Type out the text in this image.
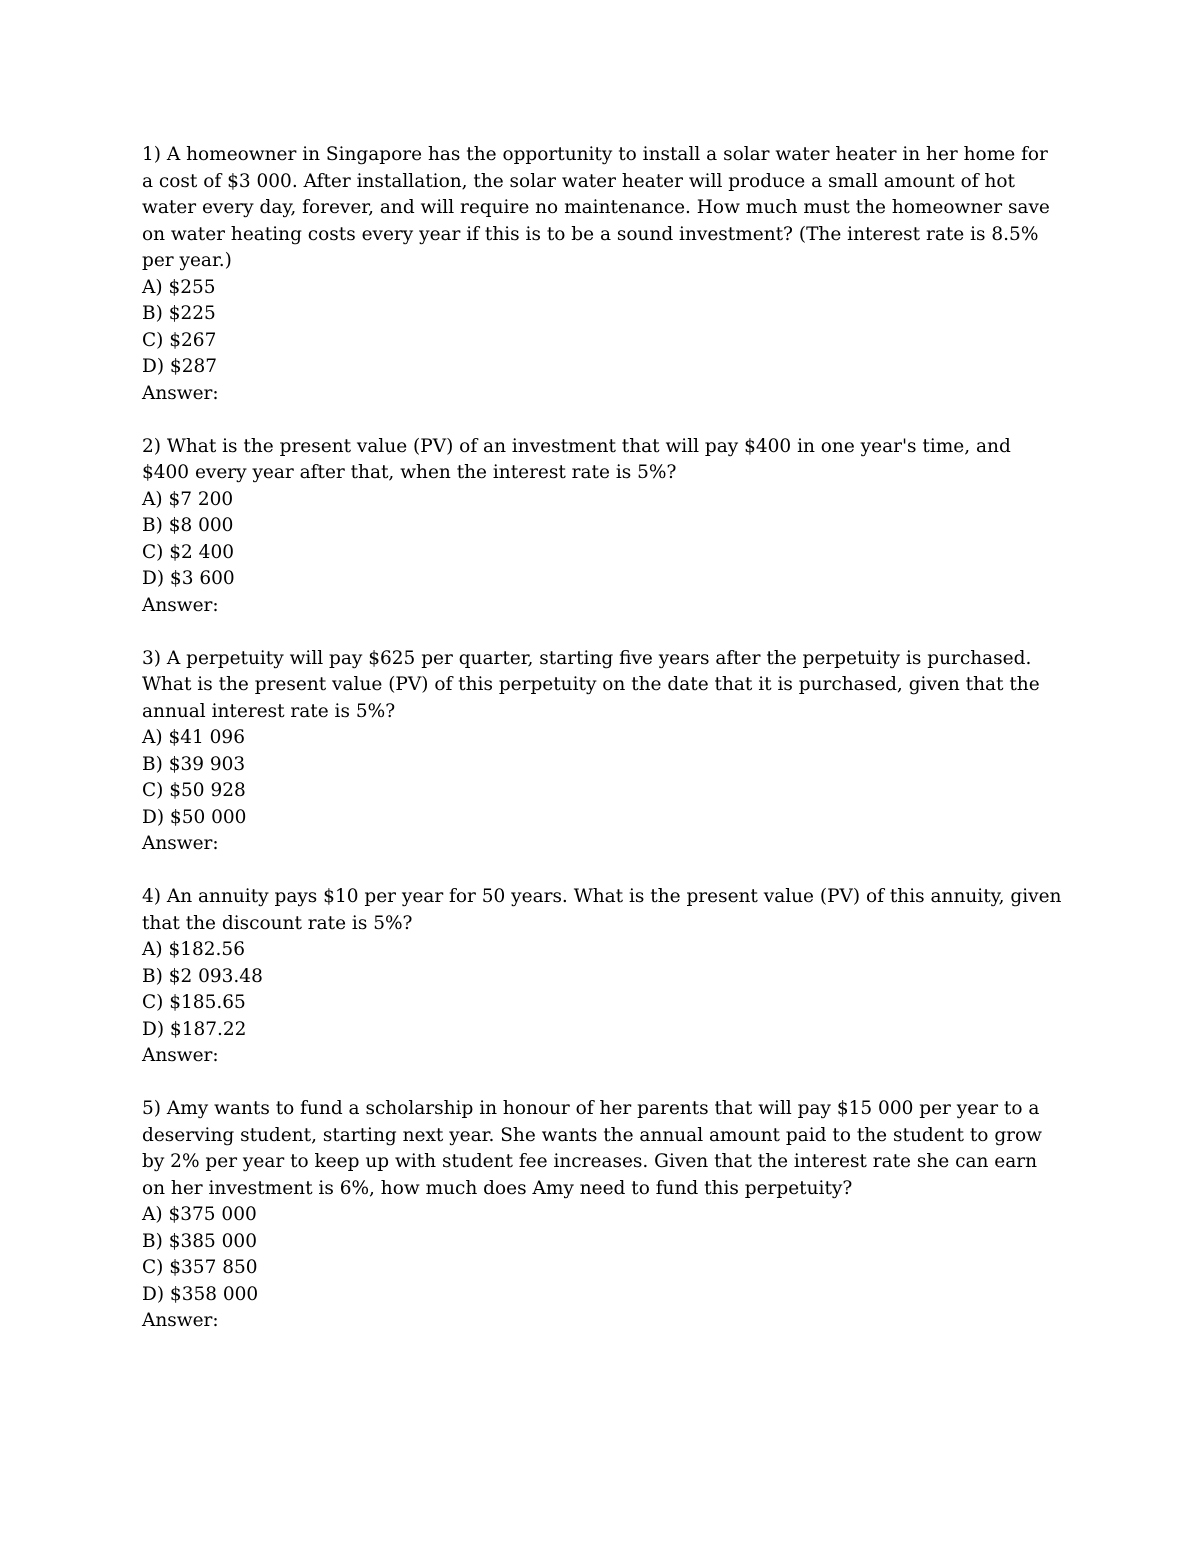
1) A homeowner in Singapore has the opportunity to install a solar water heater in her home for a cost of $3 000. After installation, the solar water heater will produce a small amount of hot water every day, forever, and will require no maintenance. How much must the homeowner save on water heating costs every year if this is to be a sound investment? (The interest rate is 8.5% per year.)

A) $255
B) $225
C) $267
D) $287

Answer:

2) What is the present value (PV) of an investment that will pay $400 in one year's time, and $400 every year after that, when the interest rate is 5%?

A) $7 200
B) $8 000
C) $2 400
D) $3 600

Answer:

3) A perpetuity will pay $625 per quarter, starting five years after the perpetuity is purchased. What is the present value (PV) of this perpetuity on the date that it is purchased, given that the annual interest rate is 5%?

A) $41 096
B) $39 903
C) $50 928
D) $50 000

Answer:

4) An annuity pays $10 per year for 50 years. What is the present value (PV) of this annuity, given that the discount rate is 5%?

A) $182.56
B) $2 093.48
C) $185.65
D) $187.22

Answer:

5) Amy wants to fund a scholarship in honour of her parents that will pay $15 000 per year to a deserving student, starting next year. She wants the annual amount paid to the student to grow by 2% per year to keep up with student fee increases. Given that the interest rate she can earn on her investment is 6%, how much does Amy need to fund this perpetuity?

A) $375 000
B) $385 000
C) $357 850
D) $358 000

Answer:
